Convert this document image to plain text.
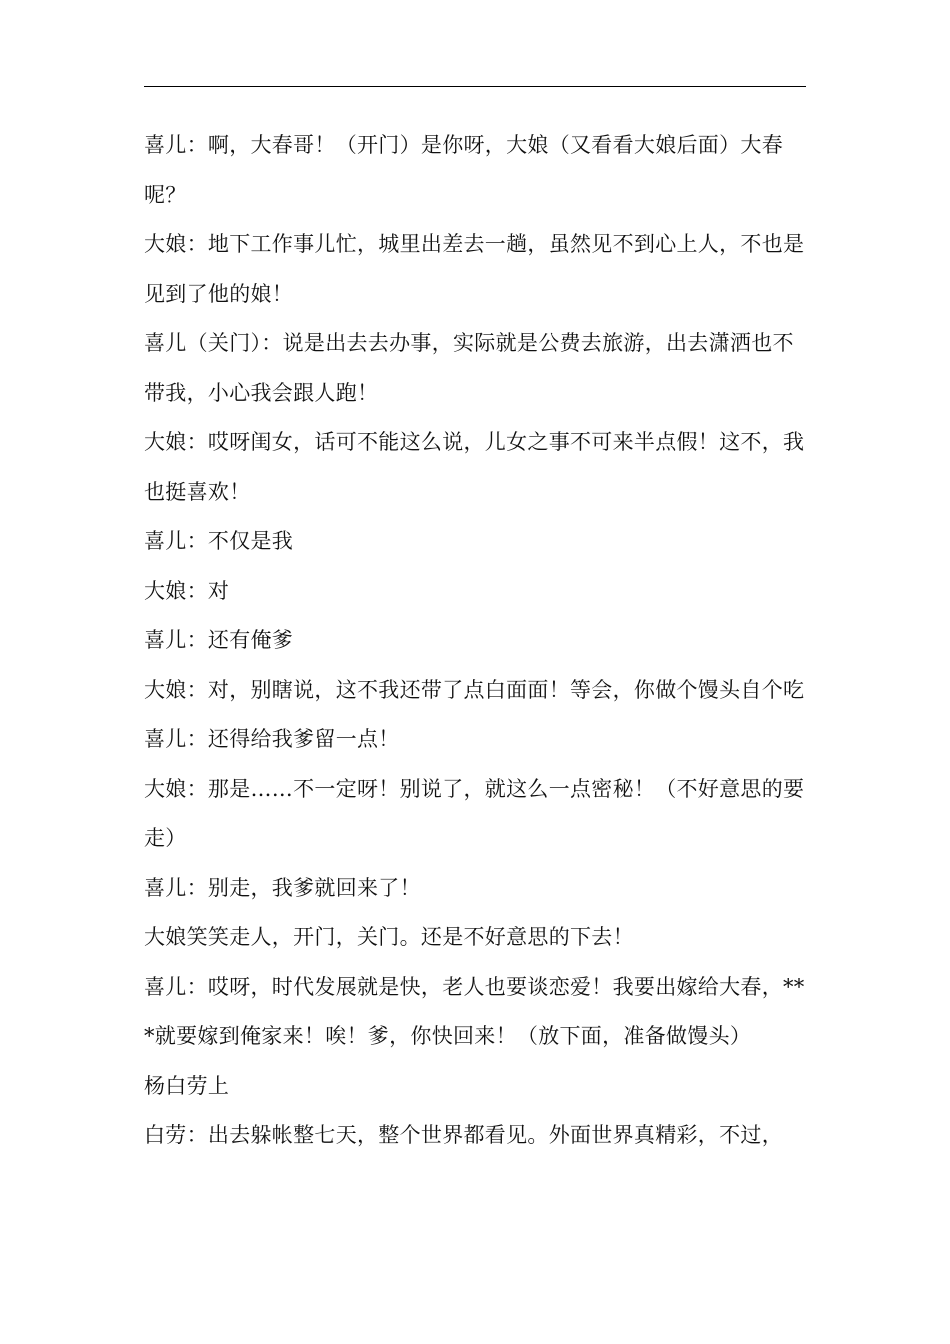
喜儿：啊，大春哥！（开门）是你呀，大娘（又看看大娘后面）大春呢？

大娘：地下工作事儿忙，城里出差去一趟，虽然见不到心上人，不也是见到了他的娘！

喜儿（关门）：说是出去去办事，实际就是公费去旅游，出去潇洒也不带我，小心我会跟人跑！

大娘：哎呀闺女，话可不能这么说，儿女之事不可来半点假！这不，我也挺喜欢！

喜儿：不仅是我

大娘：对

喜儿：还有俺爹

大娘：对，别瞎说，这不我还带了点白面面！等会，你做个馒头自个吃

喜儿：还得给我爹留一点！

大娘：那是……不一定呀！别说了，就这么一点密秘！（不好意思的要走）

喜儿：别走，我爹就回来了！

大娘笑笑走人，开门，关门。还是不好意思的下去！

喜儿：哎呀，时代发展就是快，老人也要谈恋爱！我要出嫁给大春，***就要嫁到俺家来！唉！爹，你快回来！（放下面，准备做馒头）

杨白劳上

白劳：出去躲帐整七天，整个世界都看见。外面世界真精彩，不过，
